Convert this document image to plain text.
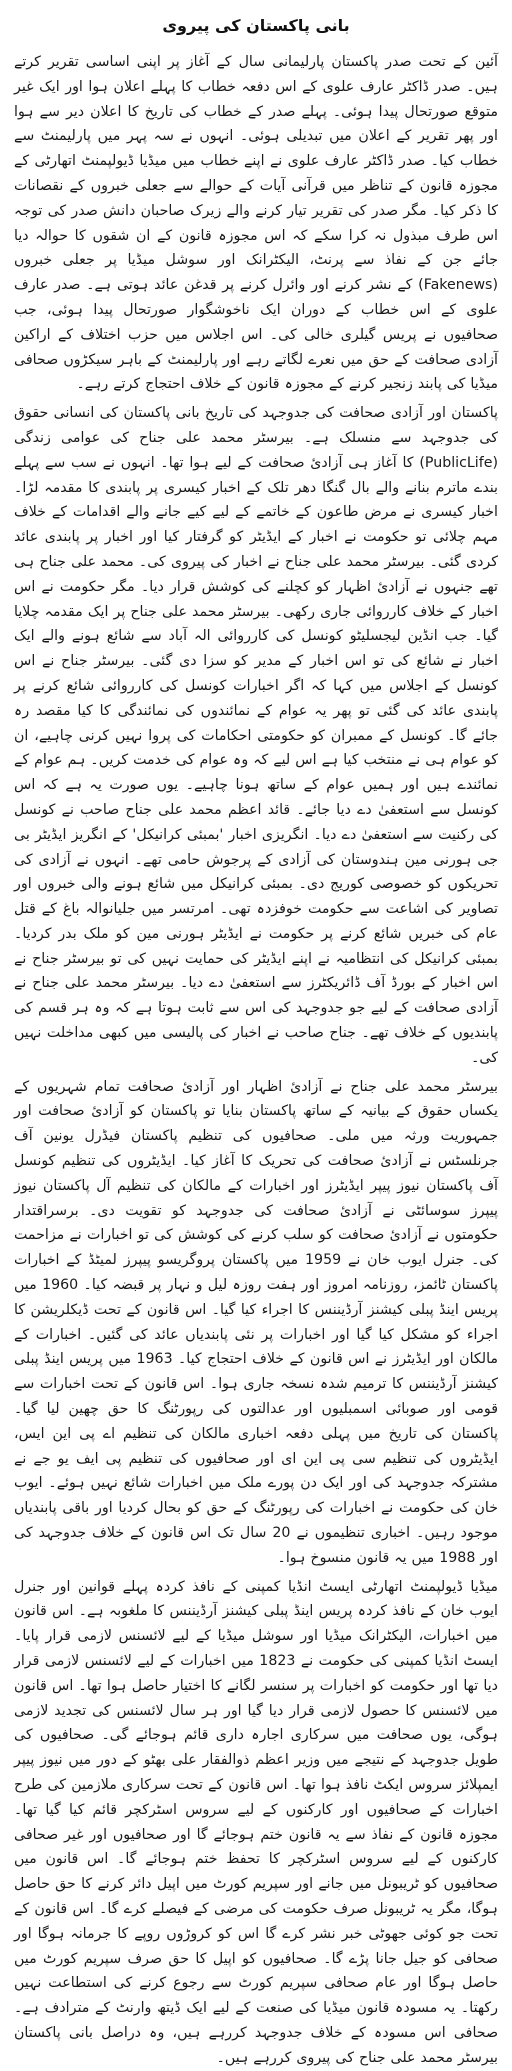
بانی پاکستان کی پیروی

آئین کے تحت صدر پاکستان پارلیمانی سال کے آغاز پر اپنی اساسی تقریر کرتے ہیں۔ صدر ڈاکٹر عارف علوی کے اس دفعہ خطاب کا پہلے اعلان ہوا اور ایک غیر متوقع صورتحال پیدا ہوئی۔ پہلے صدر کے خطاب کی تاریخ کا اعلان دیر سے ہوا اور پھر تقریر کے اعلان میں تبدیلی ہوئی۔ انہوں نے سہ پہر میں پارلیمنٹ سے خطاب کیا۔ صدر ڈاکٹر عارف علوی نے اپنے خطاب میں میڈیا ڈیولپمنٹ اتھارٹی کے مجوزہ قانون کے تناظر میں قرآنی آیات کے حوالے سے جعلی خبروں کے نقصانات کا ذکر کیا۔ مگر صدر کی تقریر تیار کرنے والے زیرک صاحبان دانش صدر کی توجہ اس طرف مبذول نہ کرا سکے کہ اس مجوزہ قانون کے ان شقوں کا حوالہ دیا جائے جن کے نفاذ سے پرنٹ، الیکٹرانک اور سوشل میڈیا پر جعلی خبروں (Fakenews) کے نشر کرنے اور وائرل کرنے پر قدغن عائد ہوتی ہے۔ صدر عارف علوی کے اس خطاب کے دوران ایک ناخوشگوار صورتحال پیدا ہوئی، جب صحافیوں نے پریس گیلری خالی کی۔ اس اجلاس میں حزب اختلاف کے اراکین آزادی صحافت کے حق میں نعرے لگاتے رہے اور پارلیمنٹ کے باہر سیکڑوں صحافی میڈیا کی پابند زنجیر کرنے کے مجوزہ قانون کے خلاف احتجاج کرتے رہے۔

پاکستان اور آزادی صحافت کی جدوجہد کی تاریخ بانی پاکستان کی انسانی حقوق کی جدوجہد سے منسلک ہے۔ بیرسٹر محمد علی جناح کی عوامی زندگی (PublicLife) کا آغاز ہی آزادیٔ صحافت کے لیے ہوا تھا۔ انہوں نے سب سے پہلے بندے ماترم بنانے والے بال گنگا دھر تلک کے اخبار کیسری پر پابندی کا مقدمہ لڑا۔ اخبار کیسری نے مرض طاعون کے خاتمے کے لیے کیے جانے والے اقدامات کے خلاف مہم چلائی تو حکومت نے اخبار کے ایڈیٹر کو گرفتار کیا اور اخبار پر پابندی عائد کردی گئی۔ بیرسٹر محمد علی جناح نے اخبار کی پیروی کی۔ محمد علی جناح ہی تھے جنہوں نے آزادیٔ اظہار کو کچلنے کی کوشش قرار دیا۔ مگر حکومت نے اس اخبار کے خلاف کارروائی جاری رکھی۔ بیرسٹر محمد علی جناح پر ایک مقدمہ چلایا گیا۔ جب انڈین لیجسلیٹو کونسل کی کارروائی الہ آباد سے شائع ہونے والے ایک اخبار نے شائع کی تو اس اخبار کے مدیر کو سزا دی گئی۔ بیرسٹر جناح نے اس کونسل کے اجلاس میں کہا کہ اگر اخبارات کونسل کی کارروائی شائع کرنے پر پابندی عائد کی گئی تو پھر یہ عوام کے نمائندوں کی نمائندگی کا کیا مقصد رہ جائے گا۔ کونسل کے ممبران کو حکومتی احکامات کی پروا نہیں کرنی چاہیے، ان کو عوام ہی نے منتخب کیا ہے اس لیے کہ وہ عوام کی خدمت کریں۔ ہم عوام کے نمائندے ہیں اور ہمیں عوام کے ساتھ ہونا چاہیے۔ یوں صورت یہ ہے کہ اس کونسل سے استعفیٰ دے دیا جائے۔ قائد اعظم محمد علی جناح صاحب نے کونسل کی رکنیت سے استعفیٰ دے دیا۔ انگریزی اخبار 'بمبئی کرانیکل' کے انگریز ایڈیٹر بی جی ہورنی مین ہندوستان کی آزادی کے پرجوش حامی تھے۔ انہوں نے آزادی کی تحریکوں کو خصوصی کوریج دی۔ بمبئی کرانیکل میں شائع ہونے والی خبروں اور تصاویر کی اشاعت سے حکومت خوفزدہ تھی۔ امرتسر میں جلیانوالہ باغ کے قتل عام کی خبریں شائع کرنے پر حکومت نے ایڈیٹر ہورنی مین کو ملک بدر کردیا۔ بمبئی کرانیکل کی انتظامیہ نے اپنے ایڈیٹر کی حمایت نہیں کی تو بیرسٹر جناح نے اس اخبار کے بورڈ آف ڈائریکٹرز سے استعفیٰ دے دیا۔ بیرسٹر محمد علی جناح نے آزادی صحافت کے لیے جو جدوجہد کی اس سے ثابت ہوتا ہے کہ وہ ہر قسم کی پابندیوں کے خلاف تھے۔ جناح صاحب نے اخبار کی پالیسی میں کبھی مداخلت نہیں کی۔

بیرسٹر محمد علی جناح نے آزادیٔ اظہار اور آزادیٔ صحافت تمام شہریوں کے یکساں حقوق کے بیانیہ کے ساتھ پاکستان بنایا تو پاکستان کو آزادیٔ صحافت اور جمہوریت ورثہ میں ملی۔ صحافیوں کی تنظیم پاکستان فیڈرل یونین آف جرنلسٹس نے آزادیٔ صحافت کی تحریک کا آغاز کیا۔ ایڈیٹروں کی تنظیم کونسل آف پاکستان نیوز پیپر ایڈیٹرز اور اخبارات کے مالکان کی تنظیم آل پاکستان نیوز پیپرز سوسائٹی نے آزادیٔ صحافت کی جدوجہد کو تقویت دی۔ برسراقتدار حکومتوں نے آزادیٔ صحافت کو سلب کرنے کی کوشش کی تو اخبارات نے مزاحمت کی۔ جنرل ایوب خان نے 1959 میں پاکستان پروگریسو پیپرز لمیٹڈ کے اخبارات پاکستان ٹائمز، روزنامہ امروز اور ہفت روزہ لیل و نہار پر قبضہ کیا۔ 1960 میں پریس اینڈ پبلی کیشنز آرڈیننس کا اجراء کیا گیا۔ اس قانون کے تحت ڈیکلریشن کا اجراء کو مشکل کیا گیا اور اخبارات پر نئی پابندیاں عائد کی گئیں۔ اخبارات کے مالکان اور ایڈیٹرز نے اس قانون کے خلاف احتجاج کیا۔ 1963 میں پریس اینڈ پبلی کیشنز آرڈیننس کا ترمیم شدہ نسخہ جاری ہوا۔ اس قانون کے تحت اخبارات سے قومی اور صوبائی اسمبلیوں اور عدالتوں کی رپورٹنگ کا حق چھین لیا گیا۔ پاکستان کی تاریخ میں پہلی دفعہ اخباری مالکان کی تنظیم اے پی این ایس، ایڈیٹروں کی تنظیم سی پی این ای اور صحافیوں کی تنظیم پی ایف یو جے نے مشترکہ جدوجہد کی اور ایک دن پورے ملک میں اخبارات شائع نہیں ہوئے۔ ایوب خان کی حکومت نے اخبارات کی رپورٹنگ کے حق کو بحال کردیا اور باقی پابندیاں موجود رہیں۔ اخباری تنظیموں نے 20 سال تک اس قانون کے خلاف جدوجہد کی اور 1988 میں یہ قانون منسوخ ہوا۔

میڈیا ڈیولپمنٹ اتھارٹی ایسٹ انڈیا کمپنی کے نافذ کردہ پہلے قوانین اور جنرل ایوب خان کے نافذ کردہ پریس اینڈ پبلی کیشنز آرڈیننس کا ملغوبہ ہے۔ اس قانون میں اخبارات، الیکٹرانک میڈیا اور سوشل میڈیا کے لیے لائسنس لازمی قرار پایا۔ ایسٹ انڈیا کمپنی کی حکومت نے 1823 میں اخبارات کے لیے لائسنس لازمی قرار دیا تھا اور حکومت کو اخبارات پر سنسر لگانے کا اختیار حاصل ہوا تھا۔ اس قانون میں لائسنس کا حصول لازمی قرار دیا گیا اور ہر سال لائسنس کی تجدید لازمی ہوگی، یوں صحافت میں سرکاری اجارہ داری قائم ہوجائے گی۔ صحافیوں کی طویل جدوجہد کے نتیجے میں وزیر اعظم ذوالفقار علی بھٹو کے دور میں نیوز پیپر ایمپلائز سروس ایکٹ نافذ ہوا تھا۔ اس قانون کے تحت سرکاری ملازمین کی طرح اخبارات کے صحافیوں اور کارکنوں کے لیے سروس اسٹرکچر قائم کیا گیا تھا۔ مجوزہ قانون کے نفاذ سے یہ قانون ختم ہوجائے گا اور صحافیوں اور غیر صحافی کارکنوں کے لیے سروس اسٹرکچر کا تحفظ ختم ہوجائے گا۔ اس قانون میں صحافیوں کو ٹریبونل میں جانے اور سپریم کورٹ میں اپیل دائر کرنے کا حق حاصل ہوگا، مگر یہ ٹریبونل صرف حکومت کی مرضی کے فیصلے کرے گا۔ اس قانون کے تحت جو کوئی جھوٹی خبر نشر کرے گا اس کو کروڑوں روپے کا جرمانہ ہوگا اور صحافی کو جیل جانا پڑے گا۔ صحافیوں کو اپیل کا حق صرف سپریم کورٹ میں حاصل ہوگا اور عام صحافی سپریم کورٹ سے رجوع کرنے کی استطاعت نہیں رکھتا۔ یہ مسودہ قانون میڈیا کی صنعت کے لیے ایک ڈیتھ وارنٹ کے مترادف ہے۔ صحافی اس مسودہ کے خلاف جدوجہد کررہے ہیں، وہ دراصل بانی پاکستان بیرسٹر محمد علی جناح کی پیروی کررہے ہیں۔
